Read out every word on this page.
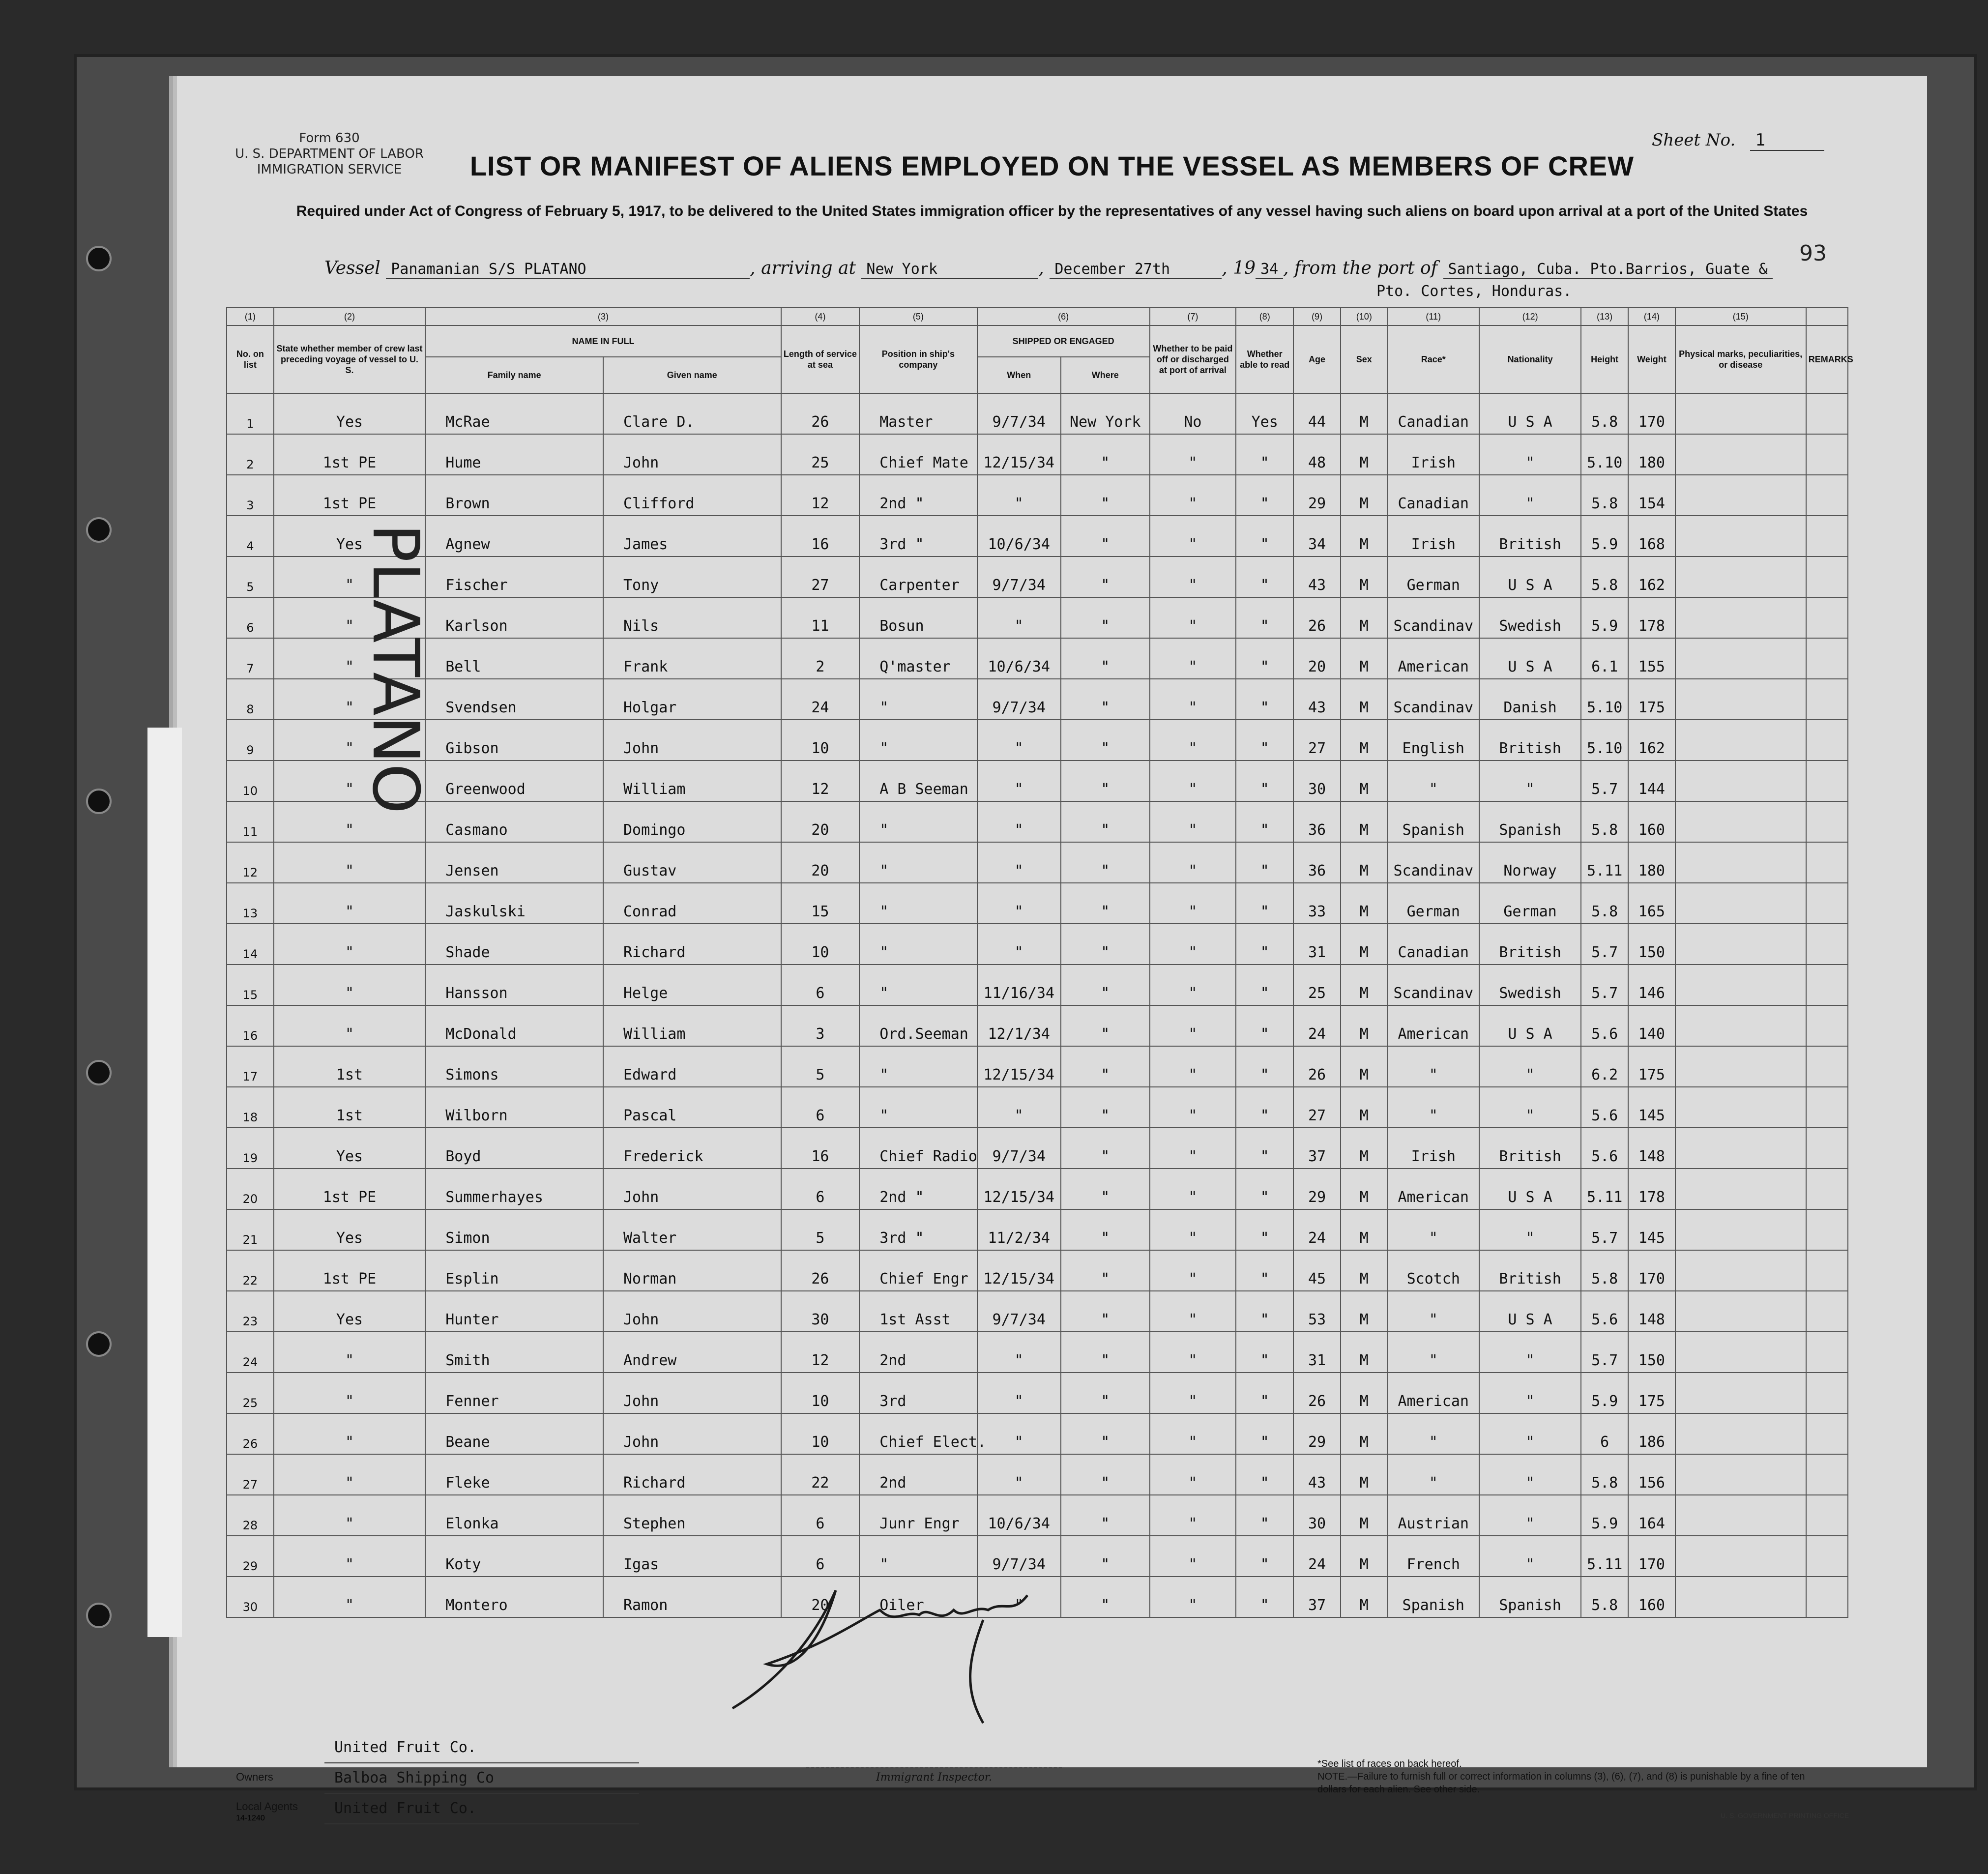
Form 630
U. S. DEPARTMENT OF LABOR
IMMIGRATION SERVICE
Sheet No. 1
93
LIST OR MANIFEST OF ALIENS EMPLOYED ON THE VESSEL AS MEMBERS OF CREW
Required under Act of Congress of February 5, 1917, to be delivered to the United States immigration officer by the representatives of any vessel having such aliens on board upon arrival at a port of the United States
Vessel Panamanian S/S PLATANO	, arriving at New York	, December 27th	, 19 34 , from the port of Santiago, Cuba. Pto.Barrios, Guate &
Pto. Cortes, Honduras.
(1)	(2)	(3)		(4)	(5)	(6)		(7)	(8)	(9)	(10)	(11)	(12)	(13)	(14)	(15)	
No. on list	State whether member of crew last preceding voyage of vessel to U. S.	NAME IN FULL		Length of service at sea	Position in ship's company	SHIPPED OR ENGAGED		Whether to be paid off or discharged at port of arrival	Whether able to read	Age	Sex	Race*	Nationality	Height	Weight	Physical marks, peculiarities, or disease	REMARKS
		Family name	Given name			When	Where										
1	Yes	McRae	Clare D.	26	Master	9/7/34	New York	No	Yes	44	M	Canadian	U S A	5.8	170		
2	1st PE	Hume	John	25	Chief Mate	12/15/34	"	"	"	48	M	Irish	"	5.10	180		
3	1st PE	Brown	Clifford	12	2nd "	"	"	"	"	29	M	Canadian	"	5.8	154		
4	Yes	Agnew	James	16	3rd "	10/6/34	"	"	"	34	M	Irish	British	5.9	168		
5	"	Fischer	Tony	27	Carpenter	9/7/34	"	"	"	43	M	German	U S A	5.8	162		
6	"	Karlson	Nils	11	Bosun	"	"	"	"	26	M	Scandinav	Swedish	5.9	178		
7	"	Bell	Frank	2	Q'master	10/6/34	"	"	"	20	M	American	U S A	6.1	155		
8	"	Svendsen	Holgar	24	"	9/7/34	"	"	"	43	M	Scandinav	Danish	5.10	175		
9	"	Gibson	John	10	"	"	"	"	"	27	M	English	British	5.10	162		
10	"	Greenwood	William	12	A B Seeman	"	"	"	"	30	M	"	"	5.7	144		
11	"	Casmano	Domingo	20	"	"	"	"	"	36	M	Spanish	Spanish	5.8	160		
12	"	Jensen	Gustav	20	"	"	"	"	"	36	M	Scandinav	Norway	5.11	180		
13	"	Jaskulski	Conrad	15	"	"	"	"	"	33	M	German	German	5.8	165		
14	"	Shade	Richard	10	"	"	"	"	"	31	M	Canadian	British	5.7	150		
15	"	Hansson	Helge	6	"	11/16/34	"	"	"	25	M	Scandinav	Swedish	5.7	146		
16	"	McDonald	William	3	Ord.Seeman	12/1/34	"	"	"	24	M	American	U S A	5.6	140		
17	1st	Simons	Edward	5	"	12/15/34	"	"	"	26	M	"	"	6.2	175		
18	1st	Wilborn	Pascal	6	"	"	"	"	"	27	M	"	"	5.6	145		
19	Yes	Boyd	Frederick	16	Chief Radio	9/7/34	"	"	"	37	M	Irish	British	5.6	148		
20	1st PE	Summerhayes	John	6	2nd "	12/15/34	"	"	"	29	M	American	U S A	5.11	178		
21	Yes	Simon	Walter	5	3rd "	11/2/34	"	"	"	24	M	"	"	5.7	145		
22	1st PE	Esplin	Norman	26	Chief Engr	12/15/34	"	"	"	45	M	Scotch	British	5.8	170		
23	Yes	Hunter	John	30	1st Asst	9/7/34	"	"	"	53	M	"	U S A	5.6	148		
24	"	Smith	Andrew	12	2nd	"	"	"	"	31	M	"	"	5.7	150		
25	"	Fenner	John	10	3rd	"	"	"	"	26	M	American	"	5.9	175		
26	"	Beane	John	10	Chief Elect.	"	"	"	"	29	M	"	"	6	186		
27	"	Fleke	Richard	22	2nd	"	"	"	"	43	M	"	"	5.8	156		
28	"	Elonka	Stephen	6	Junr Engr	10/6/34	"	"	"	30	M	Austrian	"	5.9	164		
29	"	Koty	Igas	6	"	9/7/34	"	"	"	24	M	French	"	5.11	170		
30	"	Montero	Ramon	20	Oiler	"	"	"	"	37	M	Spanish	Spanish	5.8	160		
PLATANO
Owners
Local Agents
United Fruit Co.
Balboa Shipping Co
United Fruit Co.
14-1240
Immigrant Inspector.
*See list of races on back hereof.
NOTE.—Failure to furnish full or correct information in columns (3), (6), (7), and (8) is punishable by a fine of ten dollars for each alien. See other side.
U. S. GOVERNMENT PRINTING OFFICE
